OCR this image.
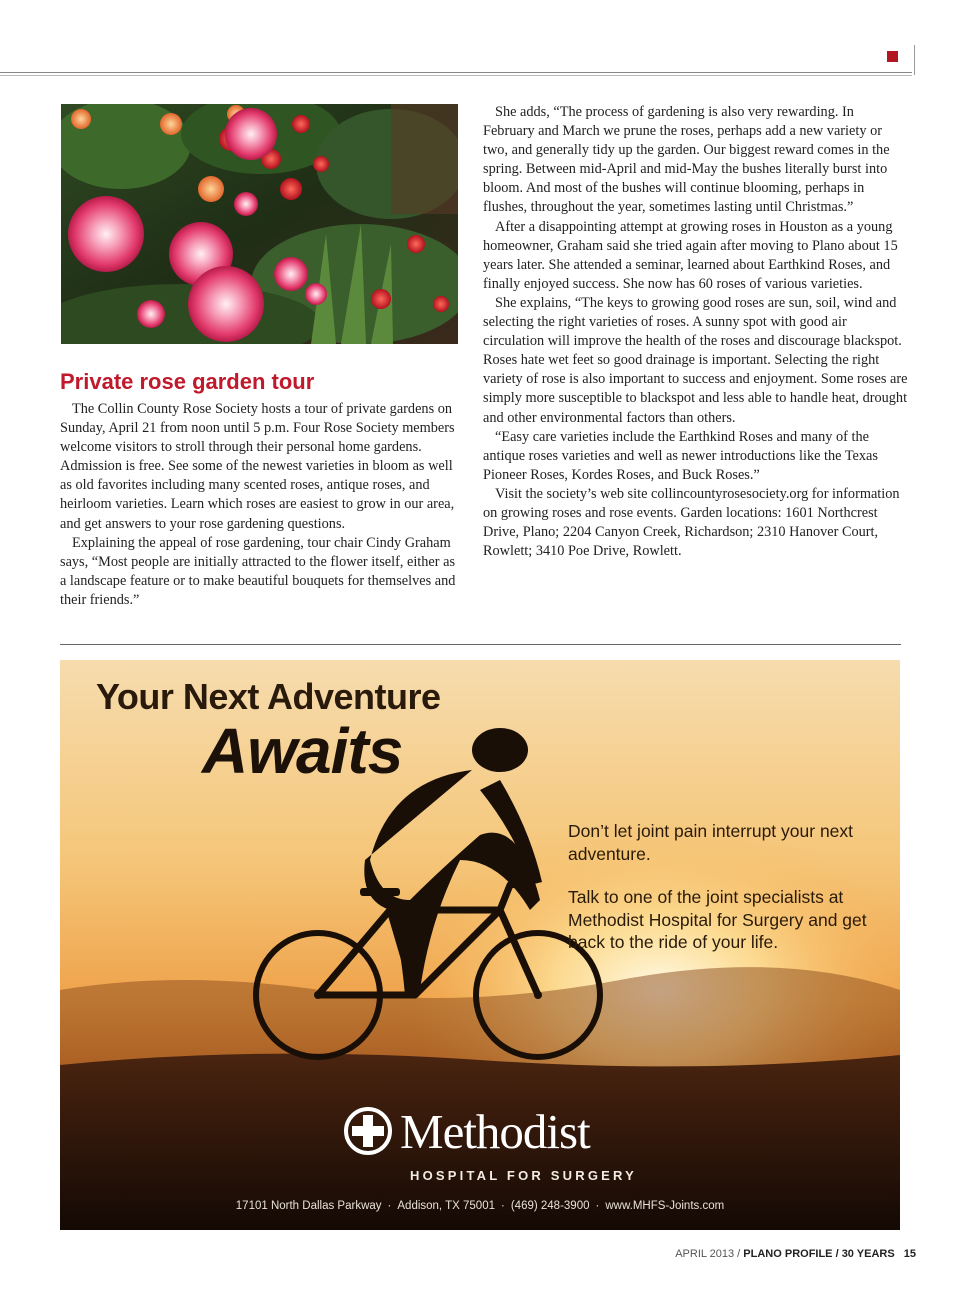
Private rose garden tour

The Collin County Rose Society hosts a tour of private gardens on Sunday, April 21 from noon until 5 p.m. Four Rose Society members welcome visitors to stroll through their personal home gardens. Admission is free. See some of the newest varieties in bloom as well as old favorites including many scented roses, antique roses, and heirloom varieties. Learn which roses are easiest to grow in our area, and get answers to your rose gardening questions.

Explaining the appeal of rose gardening, tour chair Cindy Graham says, “Most people are initially attracted to the flower itself, either as a landscape feature or to make beautiful bouquets for themselves and their friends.”

She adds, “The process of gardening is also very rewarding. In February and March we prune the roses, perhaps add a new variety or two, and generally tidy up the garden. Our biggest reward comes in the spring. Between mid-April and mid-May the bushes literally burst into bloom. And most of the bushes will continue blooming, perhaps in flushes, throughout the year, sometimes lasting until Christmas.”

After a disappointing attempt at growing roses in Houston as a young homeowner, Graham said she tried again after moving to Plano about 15 years later. She attended a seminar, learned about Earthkind Roses, and finally enjoyed success. She now has 60 roses of various varieties.

She explains, “The keys to growing good roses are sun, soil, wind and selecting the right varieties of roses. A sunny spot with good air circulation will improve the health of the roses and discourage blackspot. Roses hate wet feet so good drainage is important. Selecting the right variety of rose is also important to success and enjoyment. Some roses are simply more susceptible to blackspot and less able to handle heat, drought and other environmental factors than others.

“Easy care varieties include the Earthkind Roses and many of the antique roses varieties and well as newer introductions like the Texas Pioneer Roses, Kordes Roses, and Buck Roses.”

Visit the society’s web site collincountyrosesociety.org for information on growing roses and rose events. Garden locations: 1601 Northcrest Drive, Plano; 2204 Canyon Creek, Richardson; 2310 Hanover Court, Rowlett; 3410 Poe Drive, Rowlett.

Your Next Adventure
Awaits

Don’t let joint pain interrupt your next adventure.

Talk to one of the joint specialists at Methodist Hospital for Surgery and get back to the ride of your life.

Methodist
HOSPITAL FOR SURGERY
17101 North Dallas Parkway · Addison, TX 75001 · (469) 248-3900 · www.MHFS-Joints.com
APRIL 2013 / PLANO PROFILE / 30 YEARS 15
